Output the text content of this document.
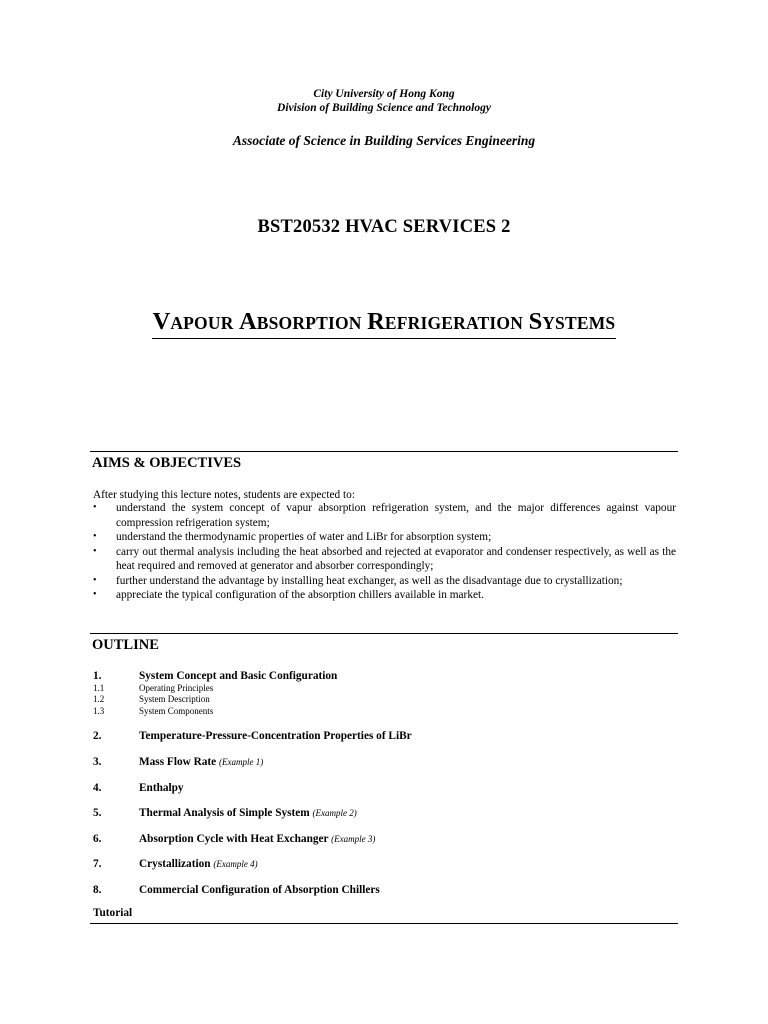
City University of Hong Kong
Division of Building Science and Technology
Associate of Science in Building Services Engineering
BST20532 HVAC SERVICES 2
VAPOUR ABSORPTION REFRIGERATION SYSTEMS
AIMS & OBJECTIVES
After studying this lecture notes, students are expected to:
• understand the system concept of vapur absorption refrigeration system, and the major differences against vapour compression refrigeration system;
• understand the thermodynamic properties of water and LiBr for absorption system;
• carry out thermal analysis including the heat absorbed and rejected at evaporator and condenser respectively, as well as the heat required and removed at generator and absorber correspondingly;
• further understand the advantage by installing heat exchanger, as well as the disadvantage due to crystallization;
• appreciate the typical configuration of the absorption chillers available in market.
OUTLINE
1.	System Concept and Basic Configuration
1.1	Operating Principles
1.2	System Description
1.3	System Components
2.	Temperature-Pressure-Concentration Properties of LiBr
3.	Mass Flow Rate (Example 1)
4.	Enthalpy
5.	Thermal Analysis of Simple System (Example 2)
6.	Absorption Cycle with Heat Exchanger (Example 3)
7.	Crystallization (Example 4)
8.	Commercial Configuration of Absorption Chillers
Tutorial
